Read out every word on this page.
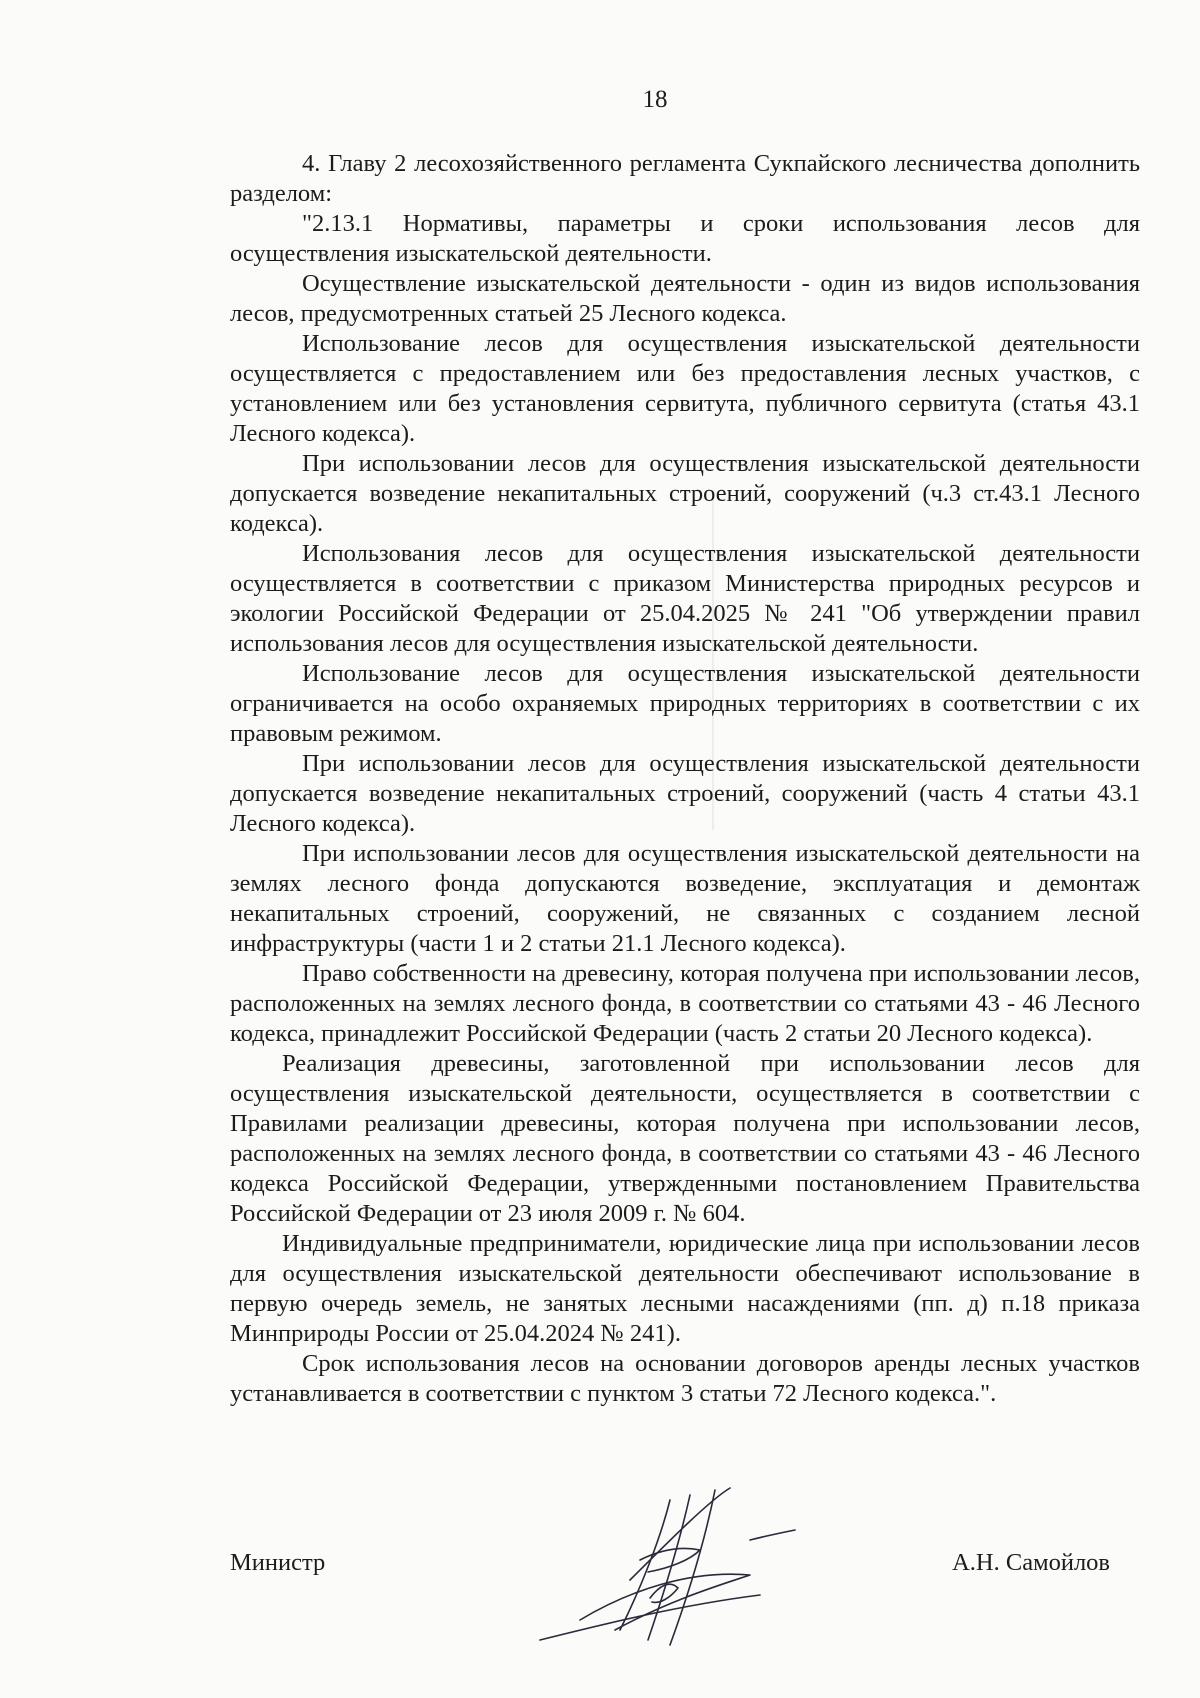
18

4. Главу 2 лесохозяйственного регламента Сукпайского лесничества дополнить разделом:

"2.13.1 Нормативы, параметры и сроки использования лесов для осуществления изыскательской деятельности.

Осуществление изыскательской деятельности - один из видов использования лесов, предусмотренных статьей 25 Лесного кодекса.

Использование лесов для осуществления изыскательской деятельности осуществляется с предоставлением или без предоставления лесных участков, с установлением или без установления сервитута, публичного сервитута (статья 43.1 Лесного кодекса).

При использовании лесов для осуществления изыскательской деятельности допускается возведение некапитальных строений, сооружений (ч.3 ст.43.1 Лесного кодекса).

Использования лесов для осуществления изыскательской деятельности осуществляется в соответствии с приказом Министерства природных ресурсов и экологии Российской Федерации от 25.04.2025 № 241 "Об утверждении правил использования лесов для осуществления изыскательской деятельности.

Использование лесов для осуществления изыскательской деятельности ограничивается на особо охраняемых природных территориях в соответствии с их правовым режимом.

При использовании лесов для осуществления изыскательской деятельности допускается возведение некапитальных строений, сооружений (часть 4 статьи 43.1 Лесного кодекса).

При использовании лесов для осуществления изыскательской деятельности на землях лесного фонда допускаются возведение, эксплуатация и демонтаж некапитальных строений, сооружений, не связанных с созданием лесной инфраструктуры (части 1 и 2 статьи 21.1 Лесного кодекса).

Право собственности на древесину, которая получена при использовании лесов, расположенных на землях лесного фонда, в соответствии со статьями 43 - 46 Лесного кодекса, принадлежит Российской Федерации (часть 2 статьи 20 Лесного кодекса).

Реализация древесины, заготовленной при использовании лесов для осуществления изыскательской деятельности, осуществляется в соответствии с Правилами реализации древесины, которая получена при использовании лесов, расположенных на землях лесного фонда, в соответствии со статьями 43 - 46 Лесного кодекса Российской Федерации, утвержденными постановлением Правительства Российской Федерации от 23 июля 2009 г. № 604.

Индивидуальные предприниматели, юридические лица при использовании лесов для осуществления изыскательской деятельности обеспечивают использование в первую очередь земель, не занятых лесными насаждениями (пп. д) п.18 приказа Минприроды России от 25.04.2024 № 241).

Срок использования лесов на основании договоров аренды лесных участков устанавливается в соответствии с пунктом 3 статьи 72 Лесного кодекса.".

Министр	А.Н. Самойлов
